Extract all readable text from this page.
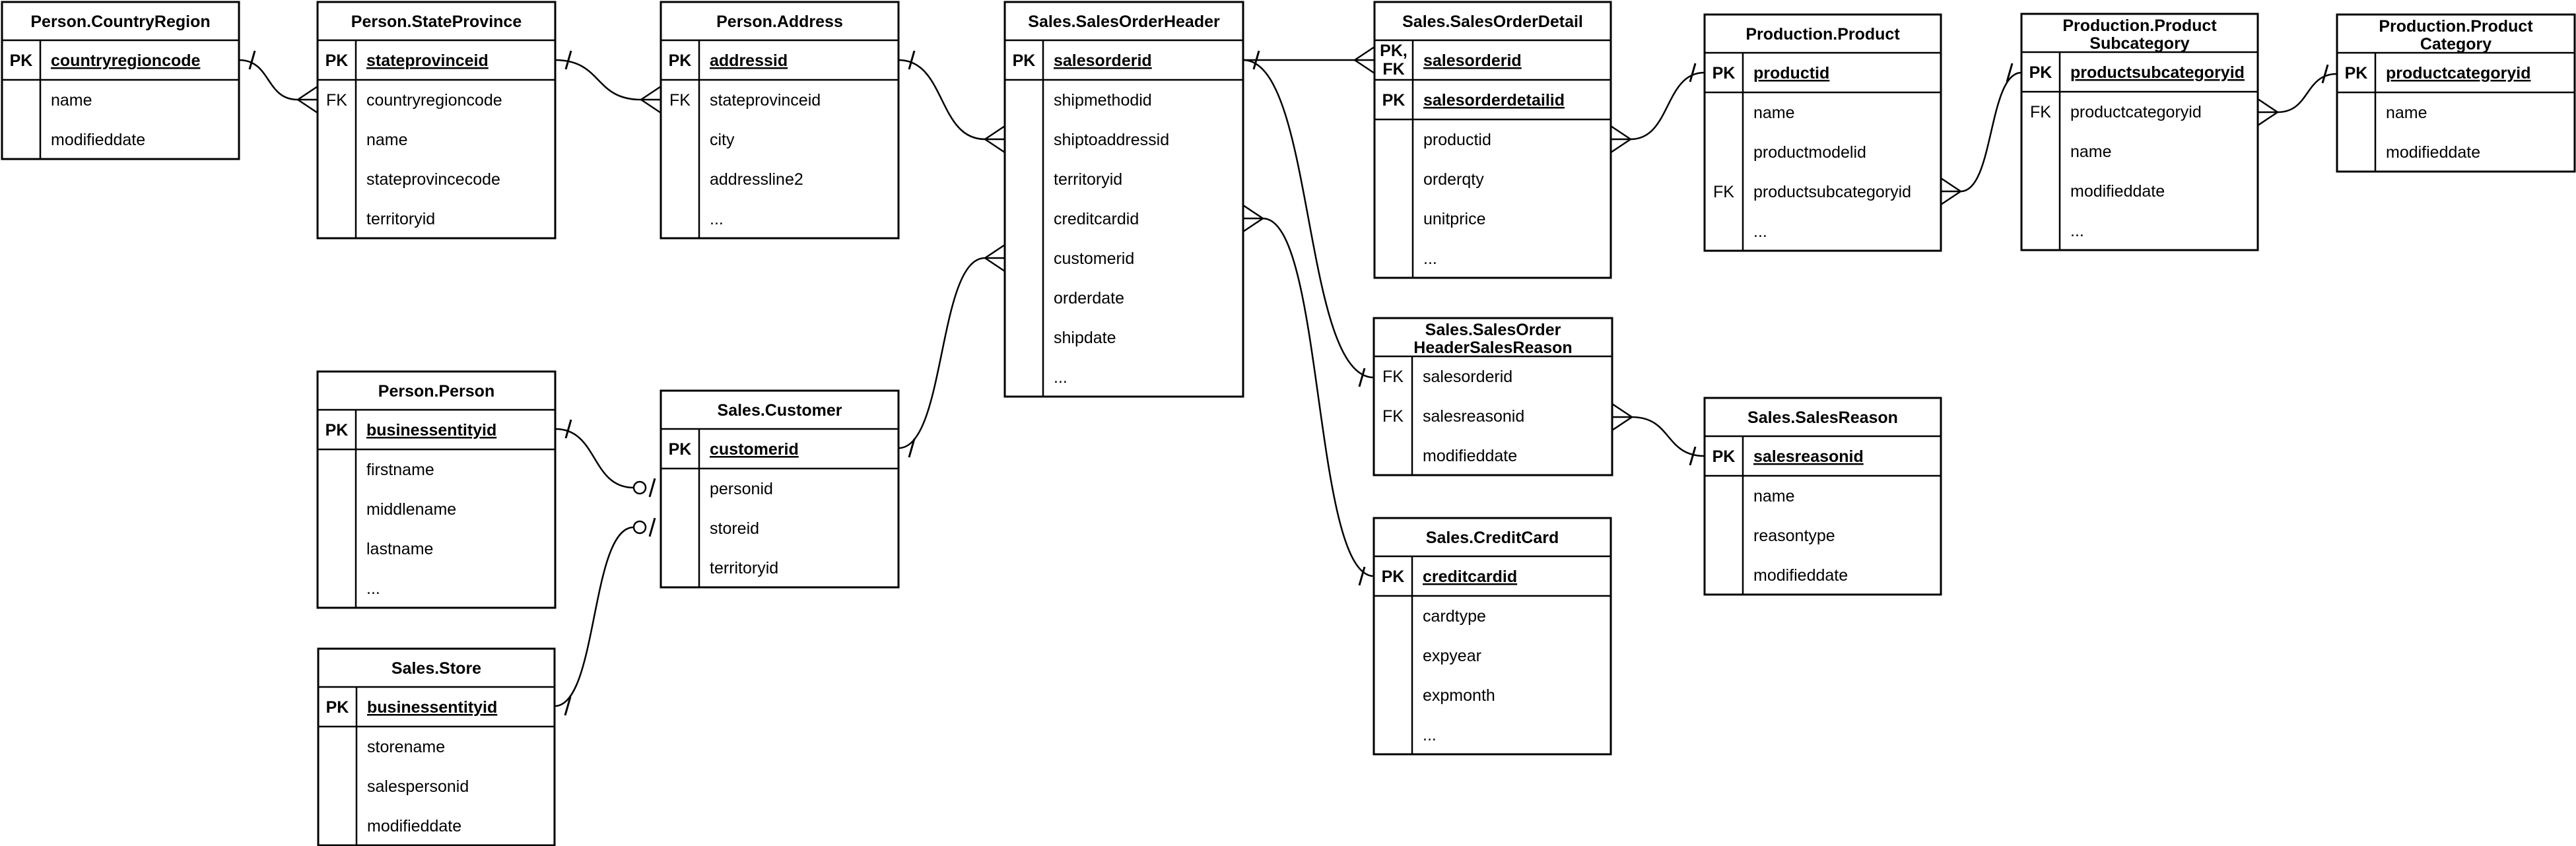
Person.CountryRegion
PK countryregioncode
name
modifieddate
Person.StateProvince
PK stateprovinceid
FK countryregioncode
name
stateprovincecode
territoryid
Person.Address
PK addressid
FK stateprovinceid
city
addressline2
...
Sales.SalesOrderHeader
PK salesorderid
shipmethodid
shiptoaddressid
territoryid
creditcardid
customerid
orderdate
shipdate
...
Sales.SalesOrderDetail
PK,
FK salesorderid
PK salesorderdetailid
productid
orderqty
unitprice
...
Production.Product
PK productid
name
productmodelid
FK productsubcategoryid
...
Production.Product
Subcategory
PK productsubcategoryid
FK productcategoryid
name
modifieddate
...
Production.Product
Category
PK productcategoryid
name
modifieddate
Person.Person
PK businessentityid
firstname
middlename
lastname
...
Sales.Customer
PK customerid
personid
storeid
territoryid
Sales.Store
PK businessentityid
storename
salespersonid
modifieddate
Sales.SalesOrder
HeaderSalesReason
FK salesorderid
FK salesreasonid
modifieddate
Sales.SalesReason
PK salesreasonid
name
reasontype
modifieddate
Sales.CreditCard
PK creditcardid
cardtype
expyear
expmonth
...
